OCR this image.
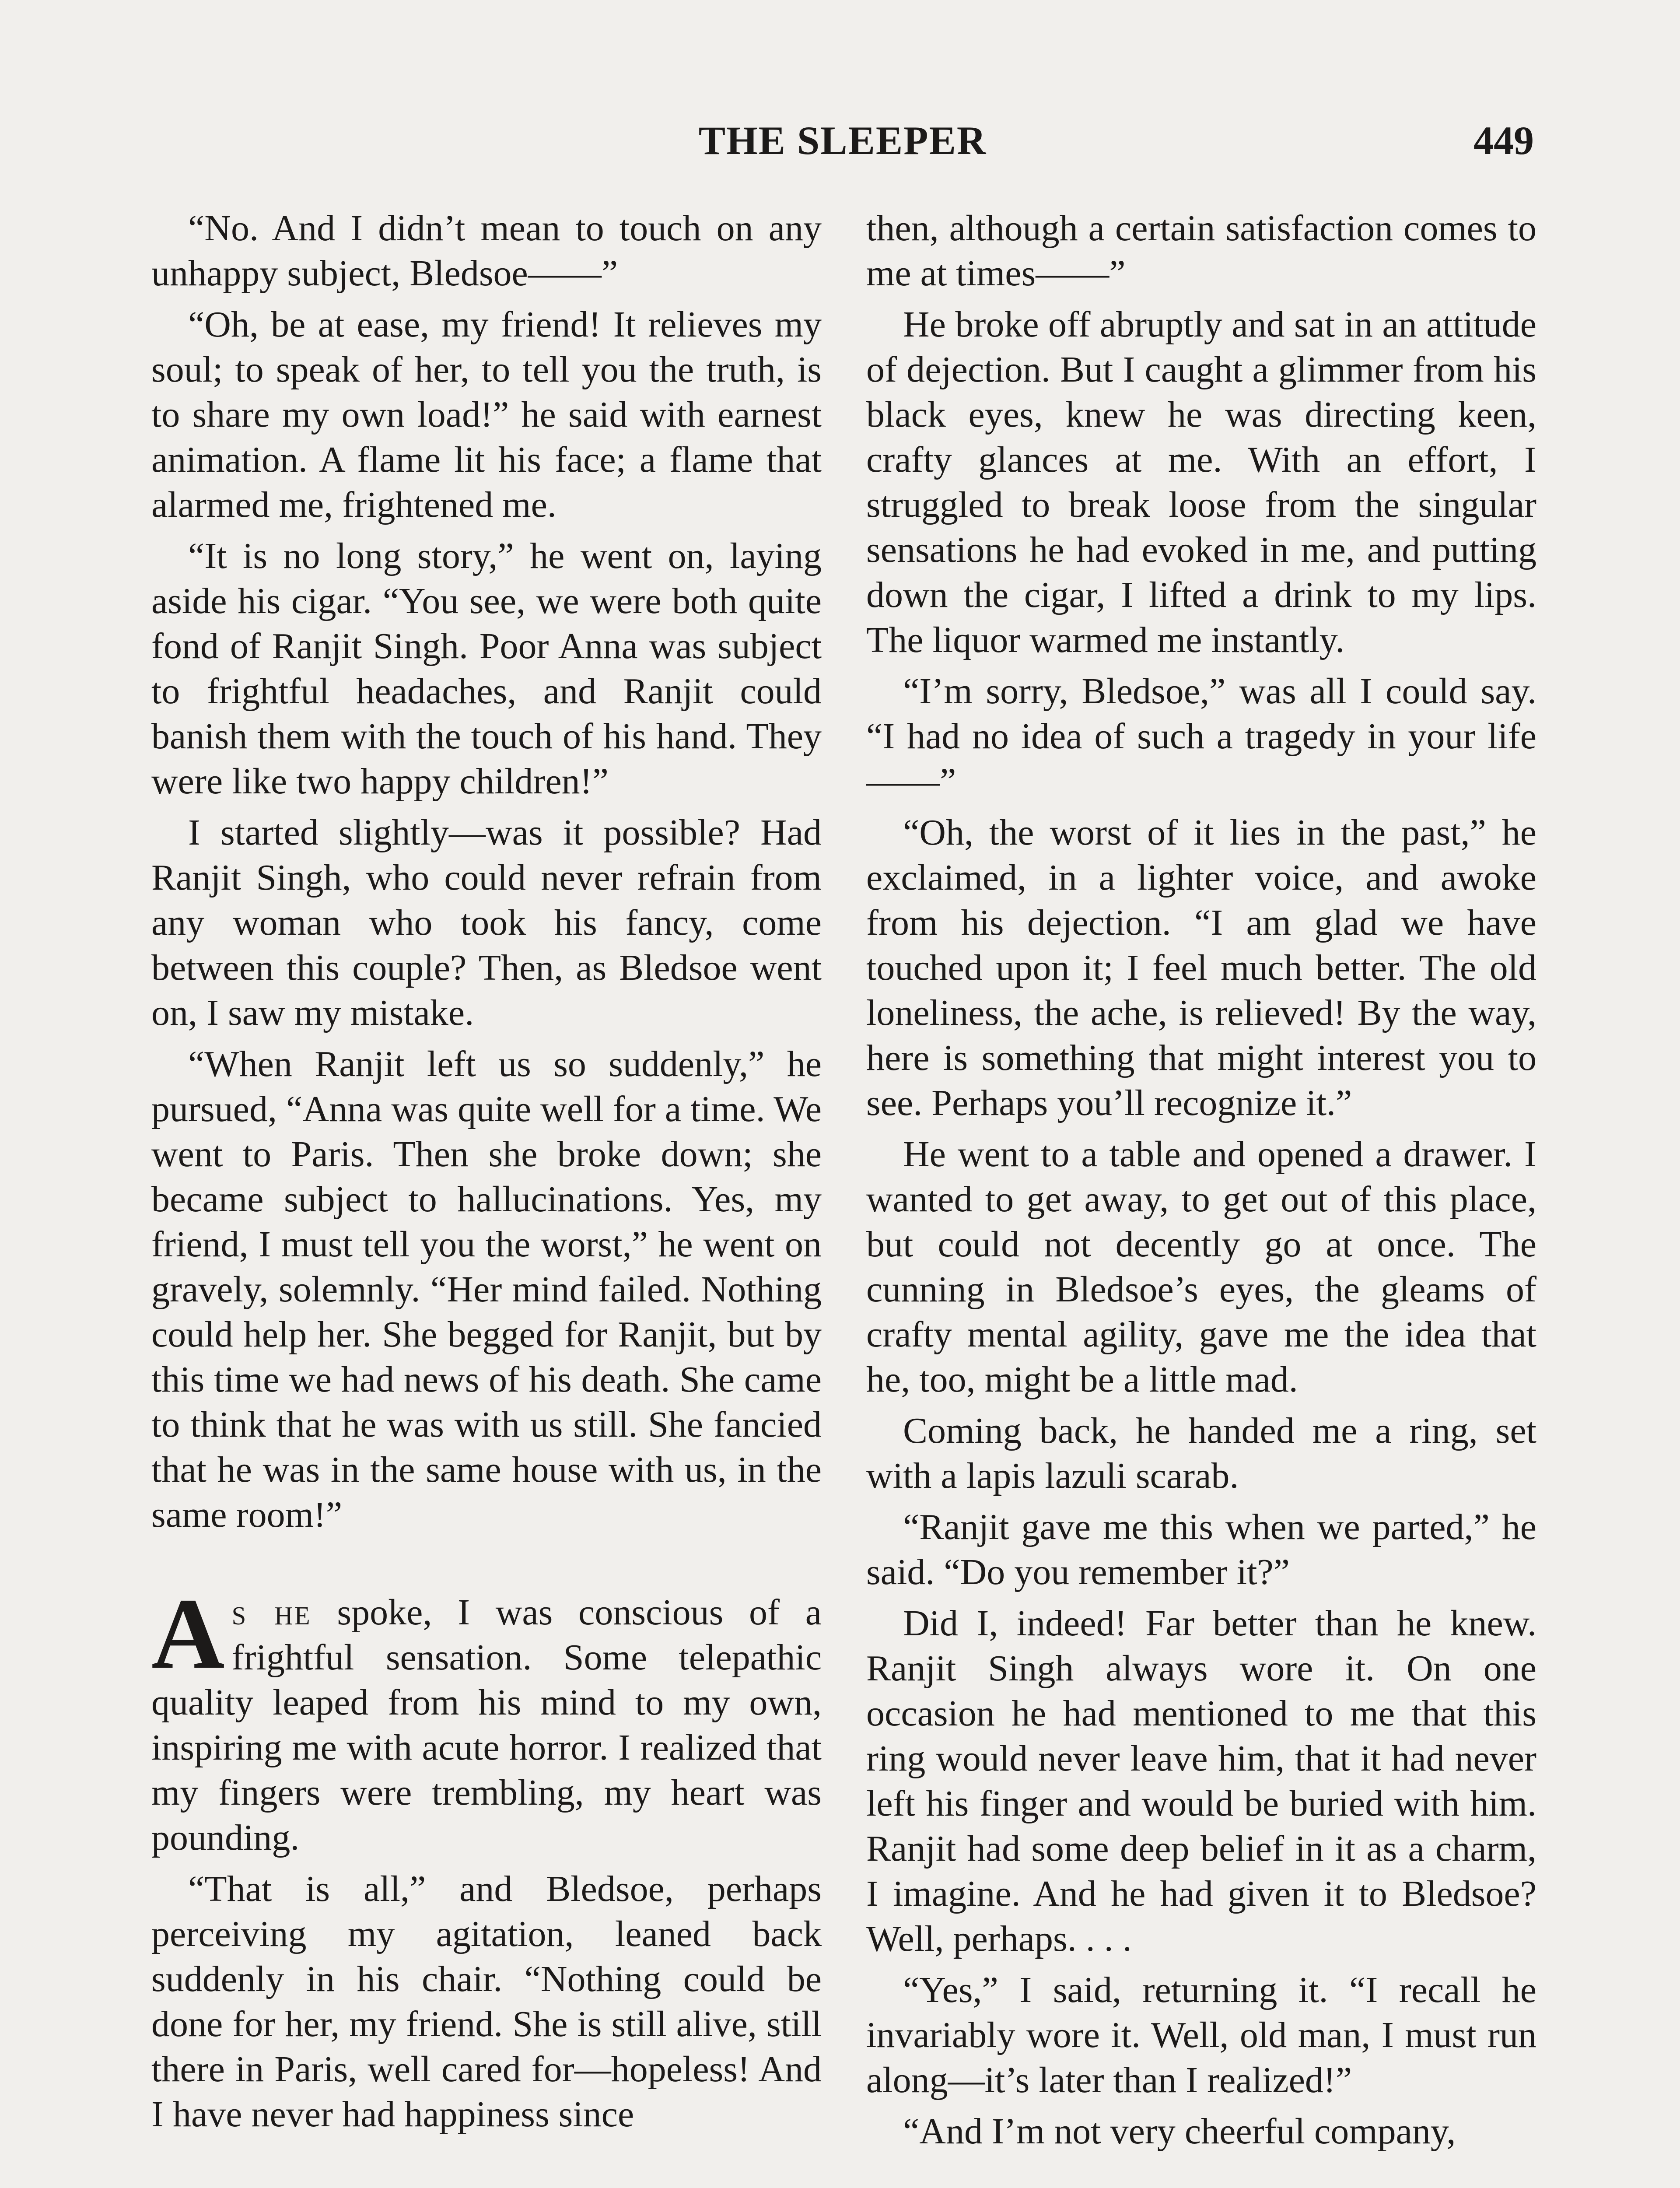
THE SLEEPER	449

“No. And I didn’t mean to touch on any unhappy subject, Bledsoe——”

“Oh, be at ease, my friend! It relieves my soul; to speak of her, to tell you the truth, is to share my own load!” he said with earnest animation. A flame lit his face; a flame that alarmed me, frightened me.

“It is no long story,” he went on, laying aside his cigar. “You see, we were both quite fond of Ranjit Singh. Poor Anna was subject to frightful headaches, and Ranjit could banish them with the touch of his hand. They were like two happy children!”

I started slightly—was it possible? Had Ranjit Singh, who could never refrain from any woman who took his fancy, come between this couple? Then, as Bledsoe went on, I saw my mistake.

“When Ranjit left us so suddenly,” he pursued, “Anna was quite well for a time. We went to Paris. Then she broke down; she became subject to hallucinations. Yes, my friend, I must tell you the worst,” he went on gravely, solemnly. “Her mind failed. Nothing could help her. She begged for Ranjit, but by this time we had news of his death. She came to think that he was with us still. She fancied that he was in the same house with us, in the same room!”

As he spoke, I was conscious of a frightful sensation. Some telepathic quality leaped from his mind to my own, inspiring me with acute horror. I realized that my fingers were trembling, my heart was pounding.

“That is all,” and Bledsoe, perhaps perceiving my agitation, leaned back suddenly in his chair. “Nothing could be done for her, my friend. She is still alive, still there in Paris, well cared for—hopeless! And I have never had happiness since

then, although a certain satisfaction comes to me at times——”

He broke off abruptly and sat in an attitude of dejection. But I caught a glimmer from his black eyes, knew he was directing keen, crafty glances at me. With an effort, I struggled to break loose from the singular sensations he had evoked in me, and putting down the cigar, I lifted a drink to my lips. The liquor warmed me instantly.

“I’m sorry, Bledsoe,” was all I could say. “I had no idea of such a tragedy in your life——”

“Oh, the worst of it lies in the past,” he exclaimed, in a lighter voice, and awoke from his dejection. “I am glad we have touched upon it; I feel much better. The old loneliness, the ache, is relieved! By the way, here is something that might interest you to see. Perhaps you’ll recognize it.”

He went to a table and opened a drawer. I wanted to get away, to get out of this place, but could not decently go at once. The cunning in Bledsoe’s eyes, the gleams of crafty mental agility, gave me the idea that he, too, might be a little mad.

Coming back, he handed me a ring, set with a lapis lazuli scarab.

“Ranjit gave me this when we parted,” he said. “Do you remember it?”

Did I, indeed! Far better than he knew. Ranjit Singh always wore it. On one occasion he had mentioned to me that this ring would never leave him, that it had never left his finger and would be buried with him. Ranjit had some deep belief in it as a charm, I imagine. And he had given it to Bledsoe? Well, perhaps. . . .

“Yes,” I said, returning it. “I recall he invariably wore it. Well, old man, I must run along—it’s later than I realized!”

“And I’m not very cheerful company,
